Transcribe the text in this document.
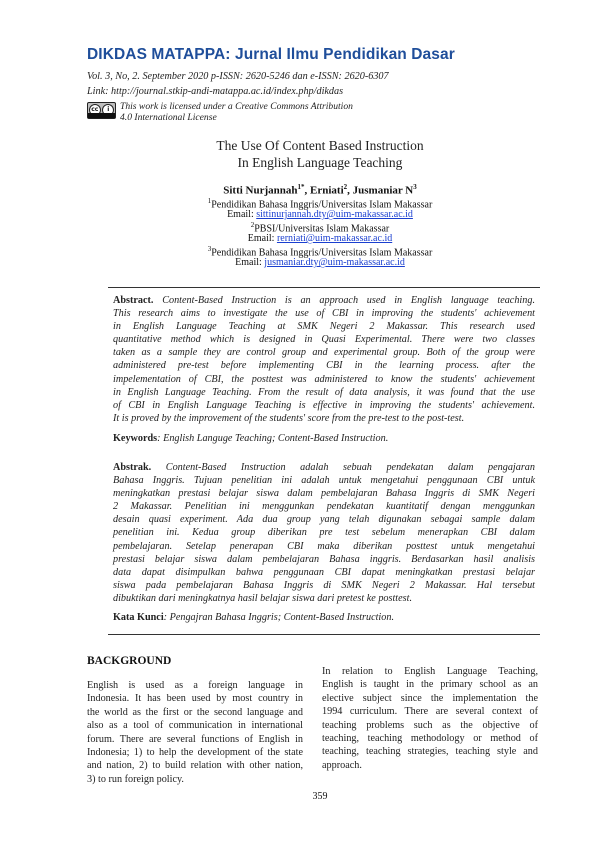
DIKDAS MATAPPA: Jurnal Ilmu Pendidikan Dasar
Vol. 3, No, 2. September 2020 p-ISSN: 2620-5246 dan e-ISSN: 2620-6307
Link: http://journal.stkip-andi-matappa.ac.id/index.php/dikdas
cc	i	This work is licensed under a Creative Commons Attribution
4.0 International License
The Use Of Content Based Instruction
In English Language Teaching
Sitti Nurjannah$^{1*}$, Erniati$^2$, Jusmaniar $N^3$
$^1$Pendidikan Bahasa Inggris/Universitas Islam Makassar
Email: sittinurjannah.dty@uim-makassar.ac.id
$^2$PBSI/Universitas Islam Makassar
Email: rerniati@uim-makassar.ac.id
$^3$Pendidikan Bahasa Inggris/Universitas Islam Makassar
Email: jusmaniar.dty@uim-makassar.ac.id
Abstract. Content-Based Instruction is an approach used in English language teaching.
This research aims to investigate the use of CBI in improving the students' achievement
in English Language Teaching at SMK Negeri 2 Makassar. This research used
quantitative method which is designed in Quasi Experimental. There were two classes
taken as a sample they are control group and experimental group. Both of the group were
administered pre-test before implementing CBI in the learning process. after the
impelementation of CBI, the posttest was administered to know the students' achievement
in English Language Teaching. From the result of data analysis, it was found that the use
of CBI in English Language Teaching is effective in improving the students' achievement.
It is proved by the improvement of the students' score from the pre-test to the post-test.
Keywords: English Languge Teaching; Content-Based Instruction.
Abstrak. Content-Based Instruction adalah sebuah pendekatan dalam pengajaran
Bahasa Inggris. Tujuan penelitian ini adalah untuk mengetahui penggunaan CBI untuk
meningkatkan prestasi belajar siswa dalam pembelajaran Bahasa Inggris di SMK Negeri
2 Makassar. Penelitian ini menggunkan pendekatan kuantitatif dengan menggunkan
desain quasi experiment. Ada dua group yang telah digunakan sebagai sample dalam
penelitian ini. Kedua group diberikan pre test sebelum menerapkan CBI dalam
pembelajaran. Setelap penerapan CBI maka diberikan posttest untuk mengetahui
prestasi belajar siswa dalam pembelajaran Bahasa inggris. Berdasarkan hasil analisis
data dapat disimpulkan bahwa penggunaan CBI dapat meningkatkan prestasi belajar
siswa pada pembelajaran Bahasa Inggris di SMK Negeri 2 Makassar. Hal tersebut
dibuktikan dari meningkatnya hasil belajar siswa dari pretest ke posttest.
Kata Kunci: Pengajran Bahasa Inggris; Content-Based Instruction.
BACKGROUND
English is used as a foreign language in
Indonesia. It has been used by most country in
the world as the first or the second language and
also as a tool of communication in international
forum. There are several functions of English in
Indonesia; 1) to help the development of the state
and nation, 2) to build relation with other nation,
3) to run foreign policy.
In relation to English Language Teaching,
English is taught in the primary school as an
elective subject since the implementation the
1994 curriculum. There are several context of
teaching problems such as the objective of
teaching, teaching methodology or method of
teaching, teaching strategies, teaching style and
approach.
359
